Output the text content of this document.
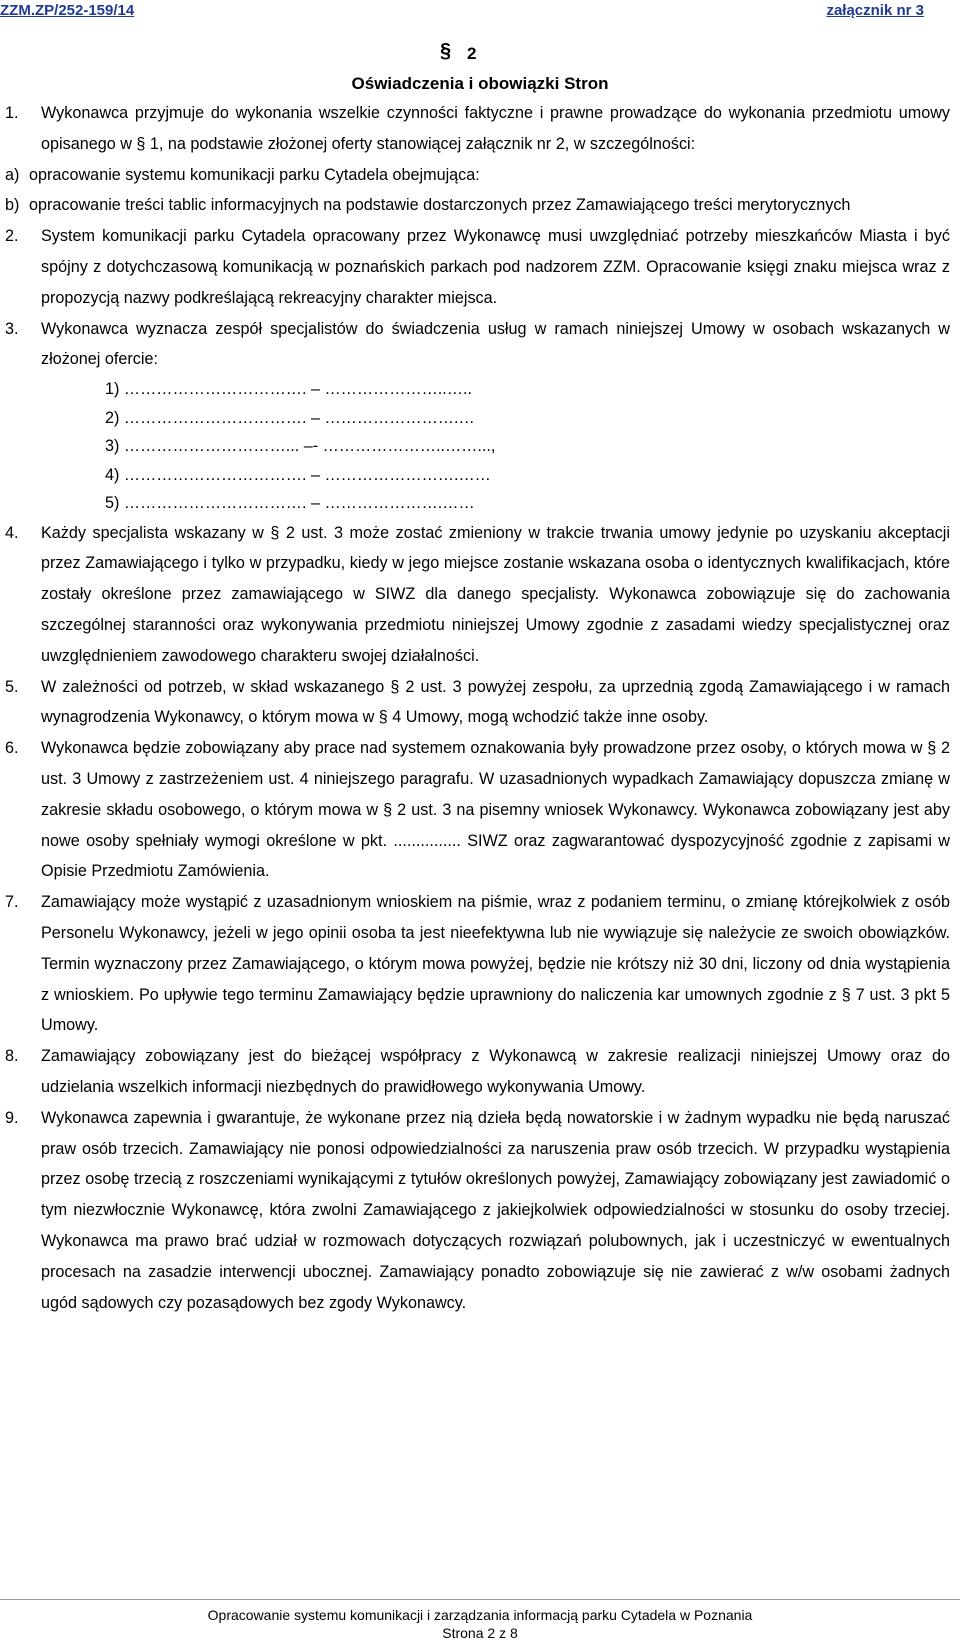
ZZM.ZP/252-159/14	załącznik nr 3
§ 2
Oświadczenia i obowiązki Stron
1. Wykonawca przyjmuje do wykonania wszelkie czynności faktyczne i prawne prowadzące do wykonania przedmiotu umowy opisanego w § 1, na podstawie złożonej oferty stanowiącej załącznik nr 2, w szczególności:
a) opracowanie systemu komunikacji parku Cytadela obejmująca:
b) opracowanie treści tablic informacyjnych na podstawie dostarczonych przez Zamawiającego treści merytorycznych
2. System komunikacji parku Cytadela opracowany przez Wykonawcę musi uwzględniać potrzeby mieszkańców Miasta i być spójny z dotychczasową komunikacją w poznańskich parkach pod nadzorem ZZM. Opracowanie księgi znaku miejsca wraz z propozycją nazwy podkreślającą rekreacyjny charakter miejsca.
3. Wykonawca wyznacza zespół specjalistów do świadczenia usług w ramach niniejszej Umowy w osobach wskazanych w złożonej ofercie:
1) ……………………………. – …………………..…..
2) ……………………………. – …………………….…
3) …………………………... –- …………………..……...,
4) ……………………………. – …………………….……
5) ……………………………. – ………………….……
4. Każdy specjalista wskazany w § 2 ust. 3 może zostać zmieniony w trakcie trwania umowy jedynie po uzyskaniu akceptacji przez Zamawiającego i tylko w przypadku, kiedy w jego miejsce zostanie wskazana osoba o identycznych kwalifikacjach, które zostały określone przez zamawiającego w SIWZ dla danego specjalisty. Wykonawca zobowiązuje się do zachowania szczególnej staranności oraz wykonywania przedmiotu niniejszej Umowy zgodnie z zasadami wiedzy specjalistycznej oraz uwzględnieniem zawodowego charakteru swojej działalności.
5. W zależności od potrzeb, w skład wskazanego § 2 ust. 3 powyżej zespołu, za uprzednią zgodą Zamawiającego i w ramach wynagrodzenia Wykonawcy, o którym mowa w § 4 Umowy, mogą wchodzić także inne osoby.
6. Wykonawca będzie zobowiązany aby prace nad systemem oznakowania były prowadzone przez osoby, o których mowa w § 2 ust. 3 Umowy z zastrzeżeniem ust. 4 niniejszego paragrafu. W uzasadnionych wypadkach Zamawiający dopuszcza zmianę w zakresie składu osobowego, o którym mowa w § 2 ust. 3 na pisemny wniosek Wykonawcy. Wykonawca zobowiązany jest aby nowe osoby spełniały wymogi określone w pkt. ............... SIWZ oraz zagwarantować dyspozycyjność zgodnie z zapisami w Opisie Przedmiotu Zamówienia.
7. Zamawiający może wystąpić z uzasadnionym wnioskiem na piśmie, wraz z podaniem terminu, o zmianę którejkolwiek z osób Personelu Wykonawcy, jeżeli w jego opinii osoba ta jest nieefektywna lub nie wywiązuje się należycie ze swoich obowiązków. Termin wyznaczony przez Zamawiającego, o którym mowa powyżej, będzie nie krótszy niż 30 dni, liczony od dnia wystąpienia z wnioskiem. Po upływie tego terminu Zamawiający będzie uprawniony do naliczenia kar umownych zgodnie z § 7 ust. 3 pkt 5 Umowy.
8. Zamawiający zobowiązany jest do bieżącej współpracy z Wykonawcą w zakresie realizacji niniejszej Umowy oraz do udzielania wszelkich informacji niezbędnych do prawidłowego wykonywania Umowy.
9. Wykonawca zapewnia i gwarantuje, że wykonane przez nią dzieła będą nowatorskie i w żadnym wypadku nie będą naruszać praw osób trzecich. Zamawiający nie ponosi odpowiedzialności za naruszenia praw osób trzecich. W przypadku wystąpienia przez osobę trzecią z roszczeniami wynikającymi z tytułów określonych powyżej, Zamawiający zobowiązany jest zawiadomić o tym niezwłocznie Wykonawcę, która zwolni Zamawiającego z jakiejkolwiek odpowiedzialności w stosunku do osoby trzeciej. Wykonawca ma prawo brać udział w rozmowach dotyczących rozwiązań polubownych, jak i uczestniczyć w ewentualnych procesach na zasadzie interwencji ubocznej. Zamawiający ponadto zobowiązuje się nie zawierać z w/w osobami żadnych ugód sądowych czy pozasądowych bez zgody Wykonawcy.
Opracowanie systemu komunikacji i zarządzania informacją parku Cytadela w Poznania
Strona 2 z 8
